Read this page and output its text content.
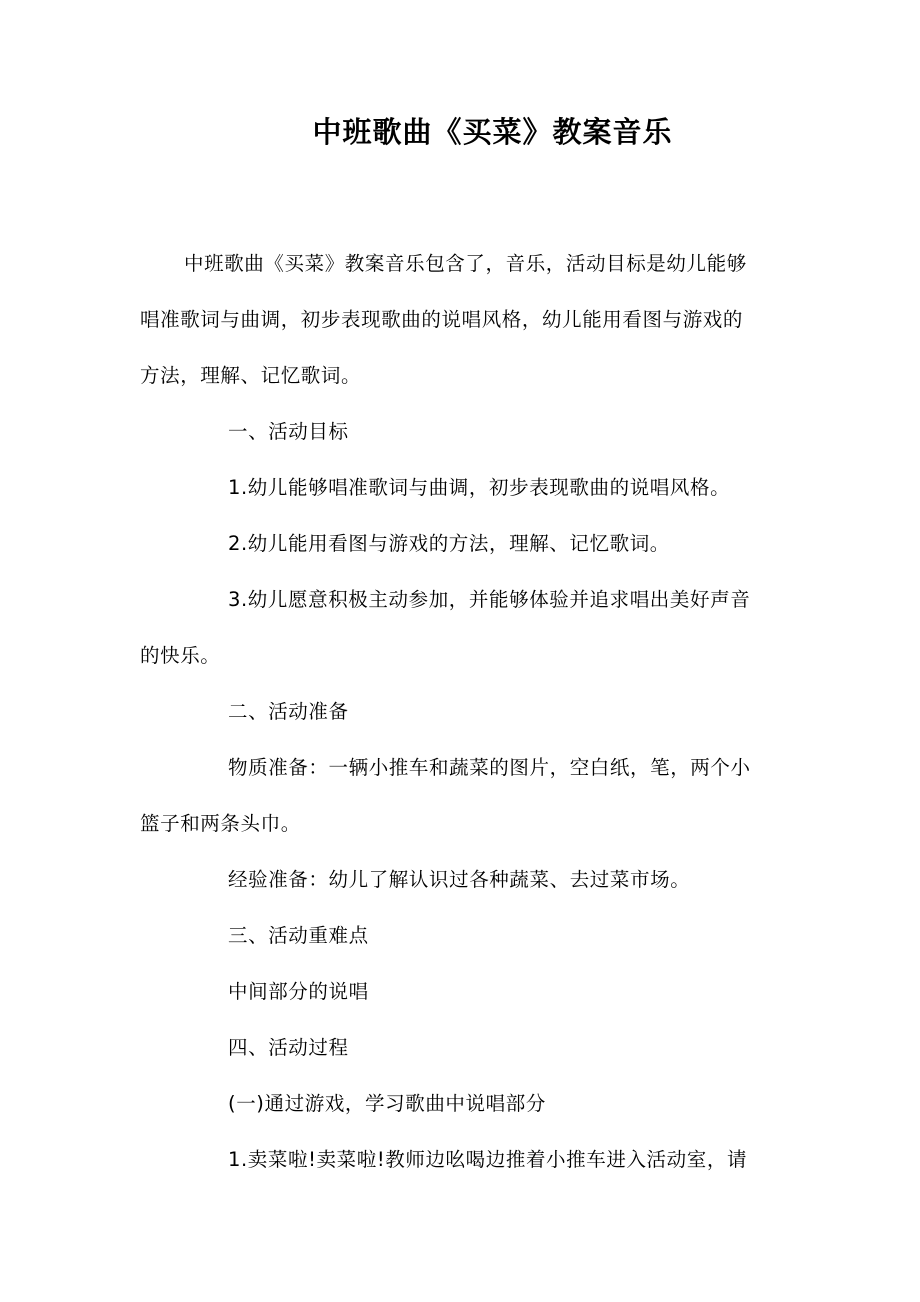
中班歌曲《买菜》教案音乐
中班歌曲《买菜》教案音乐包含了，音乐，活动目标是幼儿能够
唱准歌词与曲调，初步表现歌曲的说唱风格，幼儿能用看图与游戏的
方法，理解、记忆歌词。
一、活动目标
1.幼儿能够唱准歌词与曲调，初步表现歌曲的说唱风格。
2.幼儿能用看图与游戏的方法，理解、记忆歌词。
3.幼儿愿意积极主动参加，并能够体验并追求唱出美好声音
的快乐。
二、活动准备
物质准备：一辆小推车和蔬菜的图片，空白纸，笔，两个小
篮子和两条头巾。
经验准备：幼儿了解认识过各种蔬菜、去过菜市场。
三、活动重难点
中间部分的说唱
四、活动过程
(一)通过游戏，学习歌曲中说唱部分
1.卖菜啦!卖菜啦!教师边吆喝边推着小推车进入活动室，请
